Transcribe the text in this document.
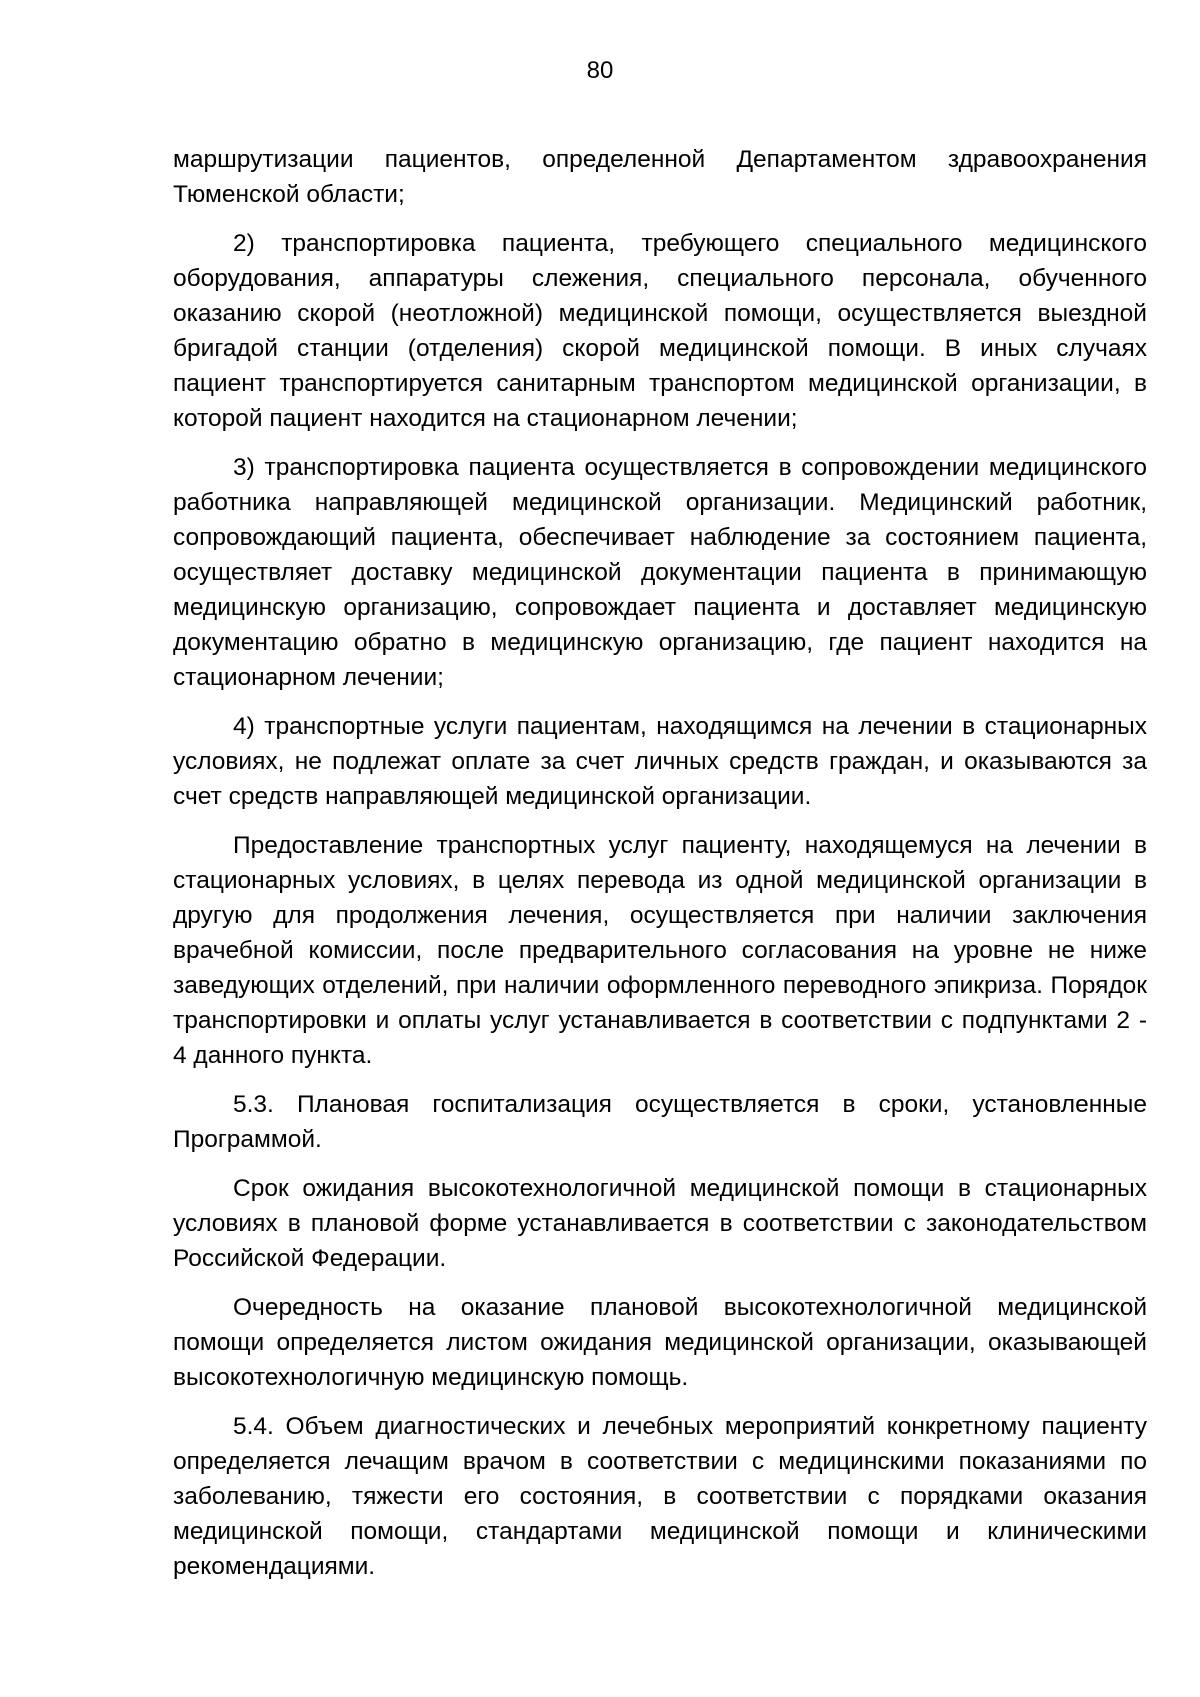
80

маршрутизации пациентов, определенной Департаментом здравоохранения Тюменской области;

2) транспортировка пациента, требующего специального медицинского оборудования, аппаратуры слежения, специального персонала, обученного оказанию скорой (неотложной) медицинской помощи, осуществляется выездной бригадой станции (отделения) скорой медицинской помощи. В иных случаях пациент транспортируется санитарным транспортом медицинской организации, в которой пациент находится на стационарном лечении;

3) транспортировка пациента осуществляется в сопровождении медицинского работника направляющей медицинской организации. Медицинский работник, сопровождающий пациента, обеспечивает наблюдение за состоянием пациента, осуществляет доставку медицинской документации пациента в принимающую медицинскую организацию, сопровождает пациента и доставляет медицинскую документацию обратно в медицинскую организацию, где пациент находится на стационарном лечении;

4) транспортные услуги пациентам, находящимся на лечении в стационарных условиях, не подлежат оплате за счет личных средств граждан, и оказываются за счет средств направляющей медицинской организации.

Предоставление транспортных услуг пациенту, находящемуся на лечении в стационарных условиях, в целях перевода из одной медицинской организации в другую для продолжения лечения, осуществляется при наличии заключения врачебной комиссии, после предварительного согласования на уровне не ниже заведующих отделений, при наличии оформленного переводного эпикриза. Порядок транспортировки и оплаты услуг устанавливается в соответствии с подпунктами 2 - 4 данного пункта.

5.3. Плановая госпитализация осуществляется в сроки, установленные Программой.

Срок ожидания высокотехнологичной медицинской помощи в стационарных условиях в плановой форме устанавливается в соответствии с законодательством Российской Федерации.

Очередность на оказание плановой высокотехнологичной медицинской помощи определяется листом ожидания медицинской организации, оказывающей высокотехнологичную медицинскую помощь.

5.4. Объем диагностических и лечебных мероприятий конкретному пациенту определяется лечащим врачом в соответствии с медицинскими показаниями по заболеванию, тяжести его состояния, в соответствии с порядками оказания медицинской помощи, стандартами медицинской помощи и клиническими рекомендациями.
